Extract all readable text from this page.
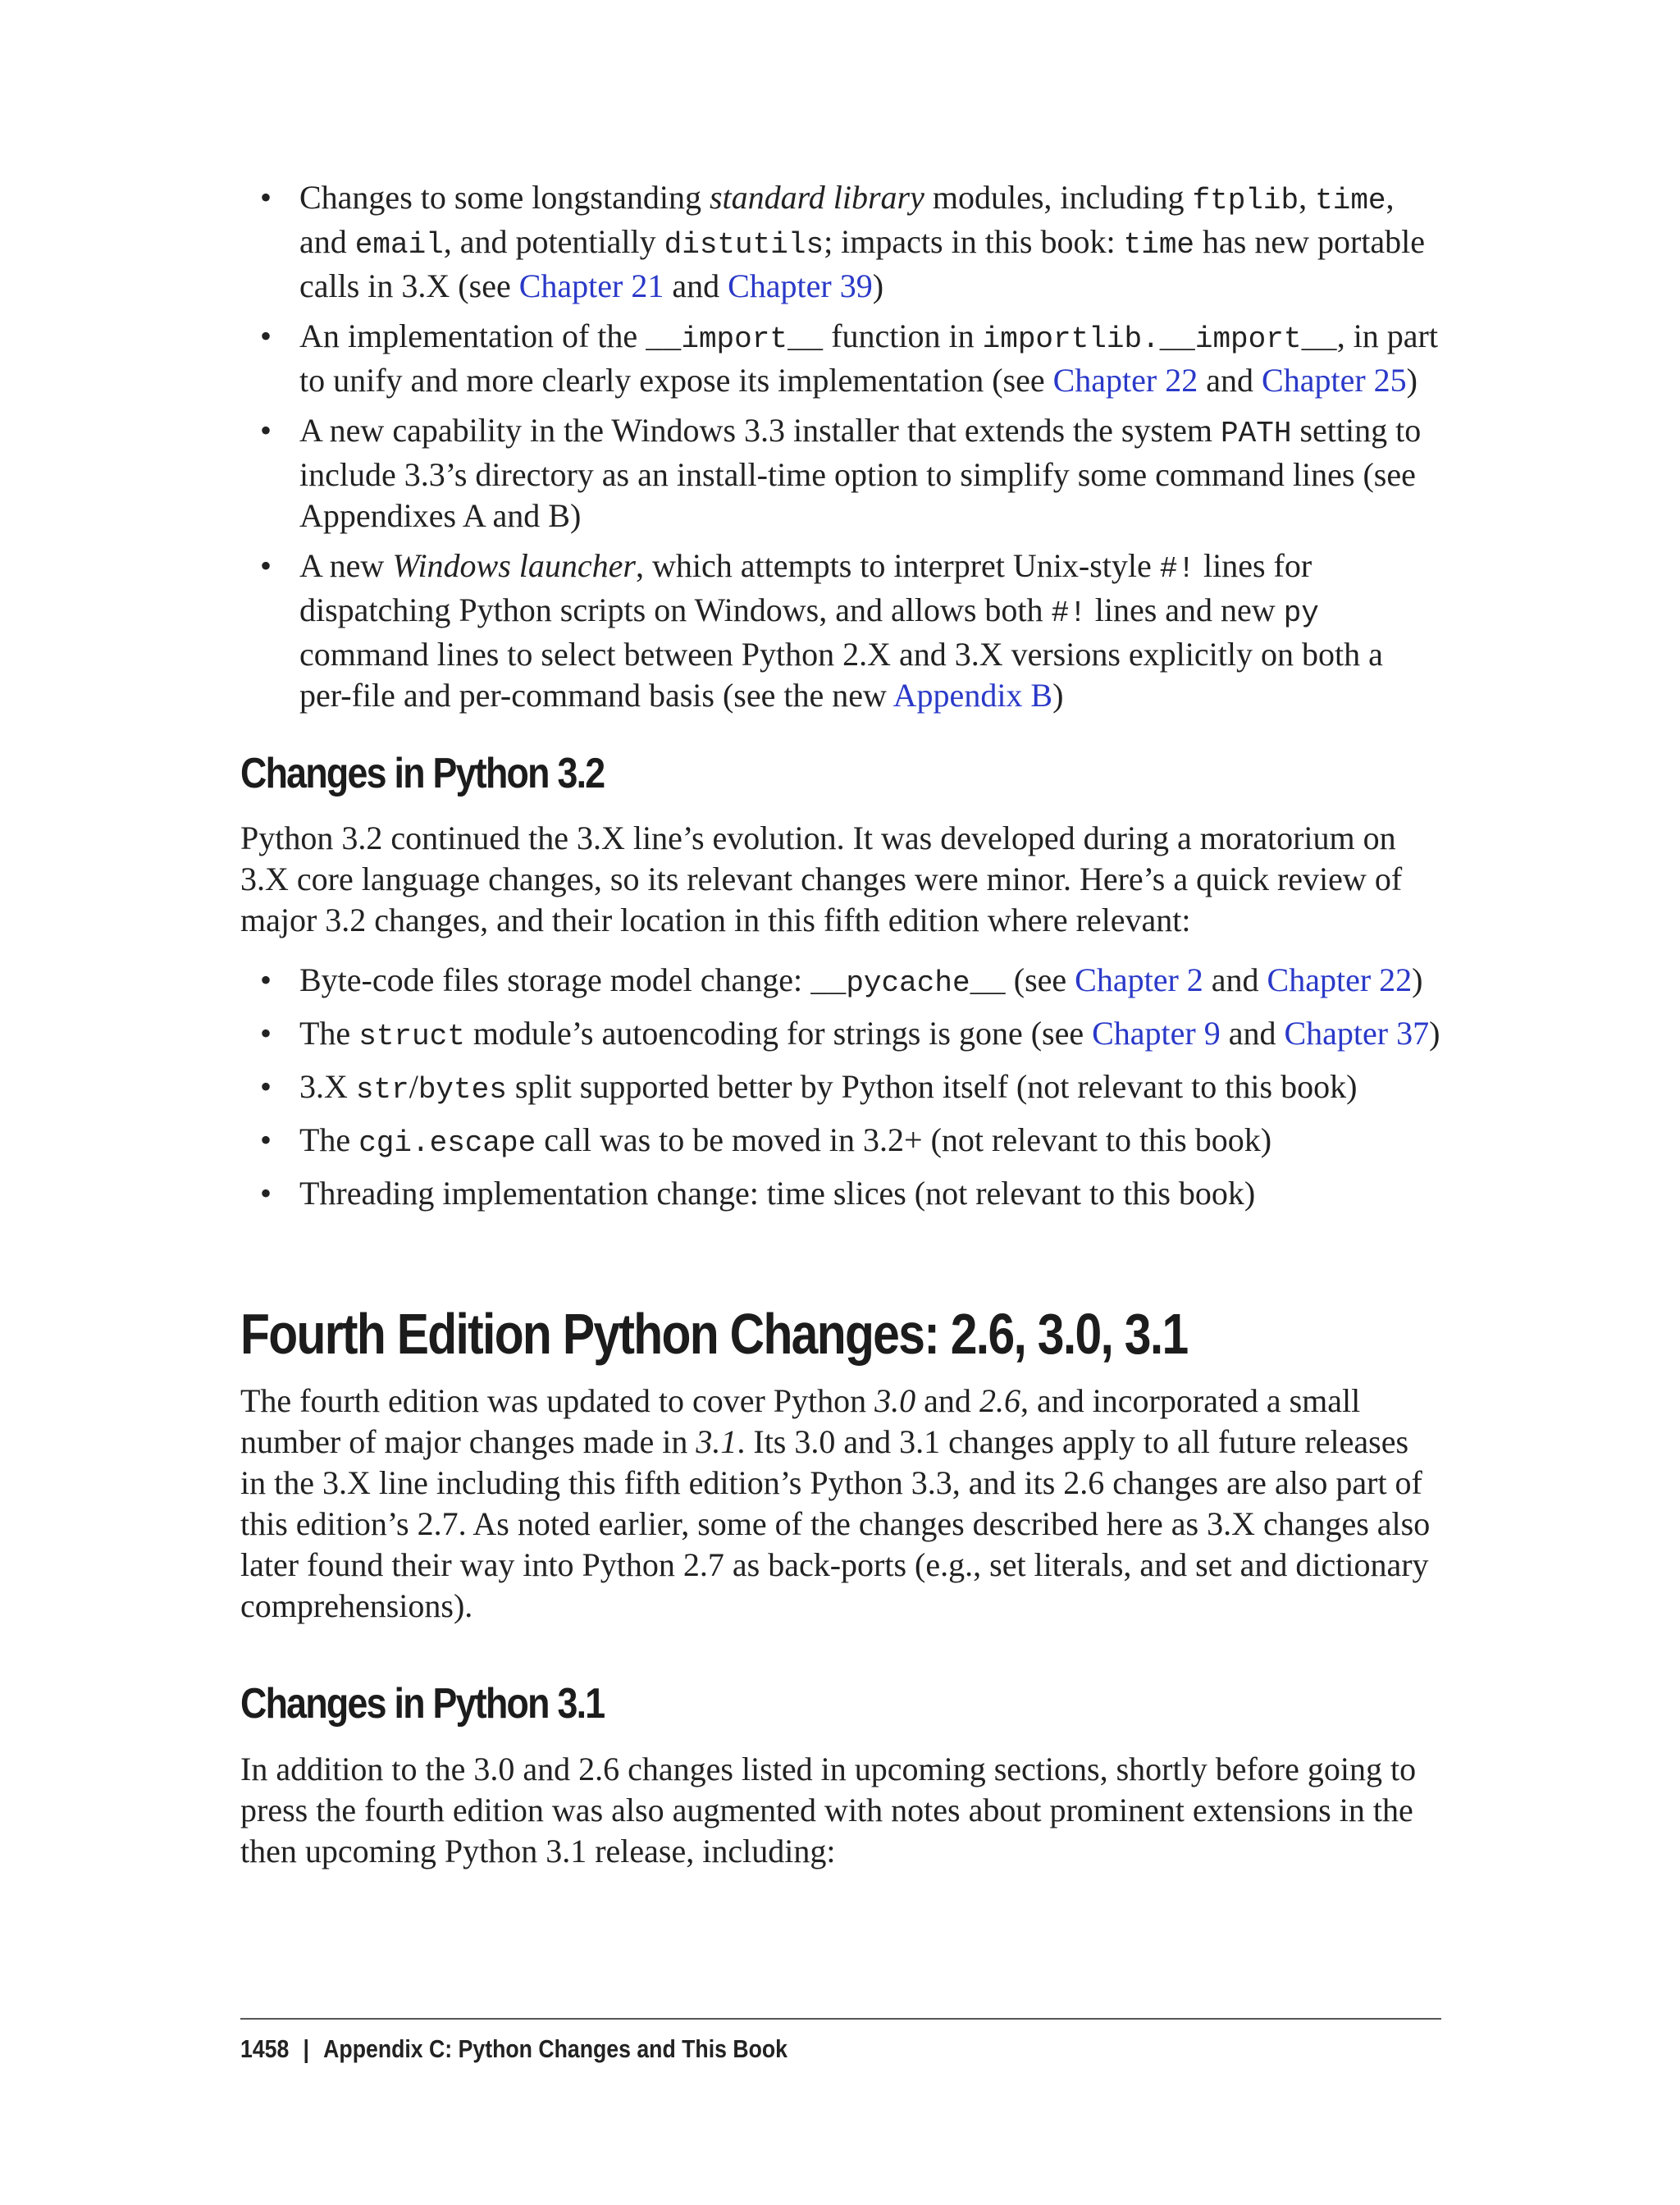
• Changes to some longstanding standard library modules, including ftplib, time, and email, and potentially distutils; impacts in this book: time has new portable calls in 3.X (see Chapter 21 and Chapter 39)
• An implementation of the __import__ function in importlib.__import__, in part to unify and more clearly expose its implementation (see Chapter 22 and Chapter 25)
• A new capability in the Windows 3.3 installer that extends the system PATH setting to include 3.3’s directory as an install-time option to simplify some command lines (see Appendixes A and B)
• A new Windows launcher, which attempts to interpret Unix-style #! lines for dispatching Python scripts on Windows, and allows both #! lines and new py command lines to select between Python 2.X and 3.X versions explicitly on both a per-file and per-command basis (see the new Appendix B)
Changes in Python 3.2

Python 3.2 continued the 3.X line’s evolution. It was developed during a moratorium on 3.X core language changes, so its relevant changes were minor. Here’s a quick review of major 3.2 changes, and their location in this fifth edition where relevant:

• Byte-code files storage model change: __pycache__ (see Chapter 2 and Chapter 22)
• The struct module’s autoencoding for strings is gone (see Chapter 9 and Chapter 37)
• 3.X str/bytes split supported better by Python itself (not relevant to this book)
• The cgi.escape call was to be moved in 3.2+ (not relevant to this book)
• Threading implementation change: time slices (not relevant to this book)
Fourth Edition Python Changes: 2.6, 3.0, 3.1

The fourth edition was updated to cover Python 3.0 and 2.6, and incorporated a small number of major changes made in 3.1. Its 3.0 and 3.1 changes apply to all future releases in the 3.X line including this fifth edition’s Python 3.3, and its 2.6 changes are also part of this edition’s 2.7. As noted earlier, some of the changes described here as 3.X changes also later found their way into Python 2.7 as back-ports (e.g., set literals, and set and dictionary comprehensions).

Changes in Python 3.1

In addition to the 3.0 and 2.6 changes listed in upcoming sections, shortly before going to press the fourth edition was also augmented with notes about prominent extensions in the then upcoming Python 3.1 release, including:

1458 | Appendix C: Python Changes and This Book
